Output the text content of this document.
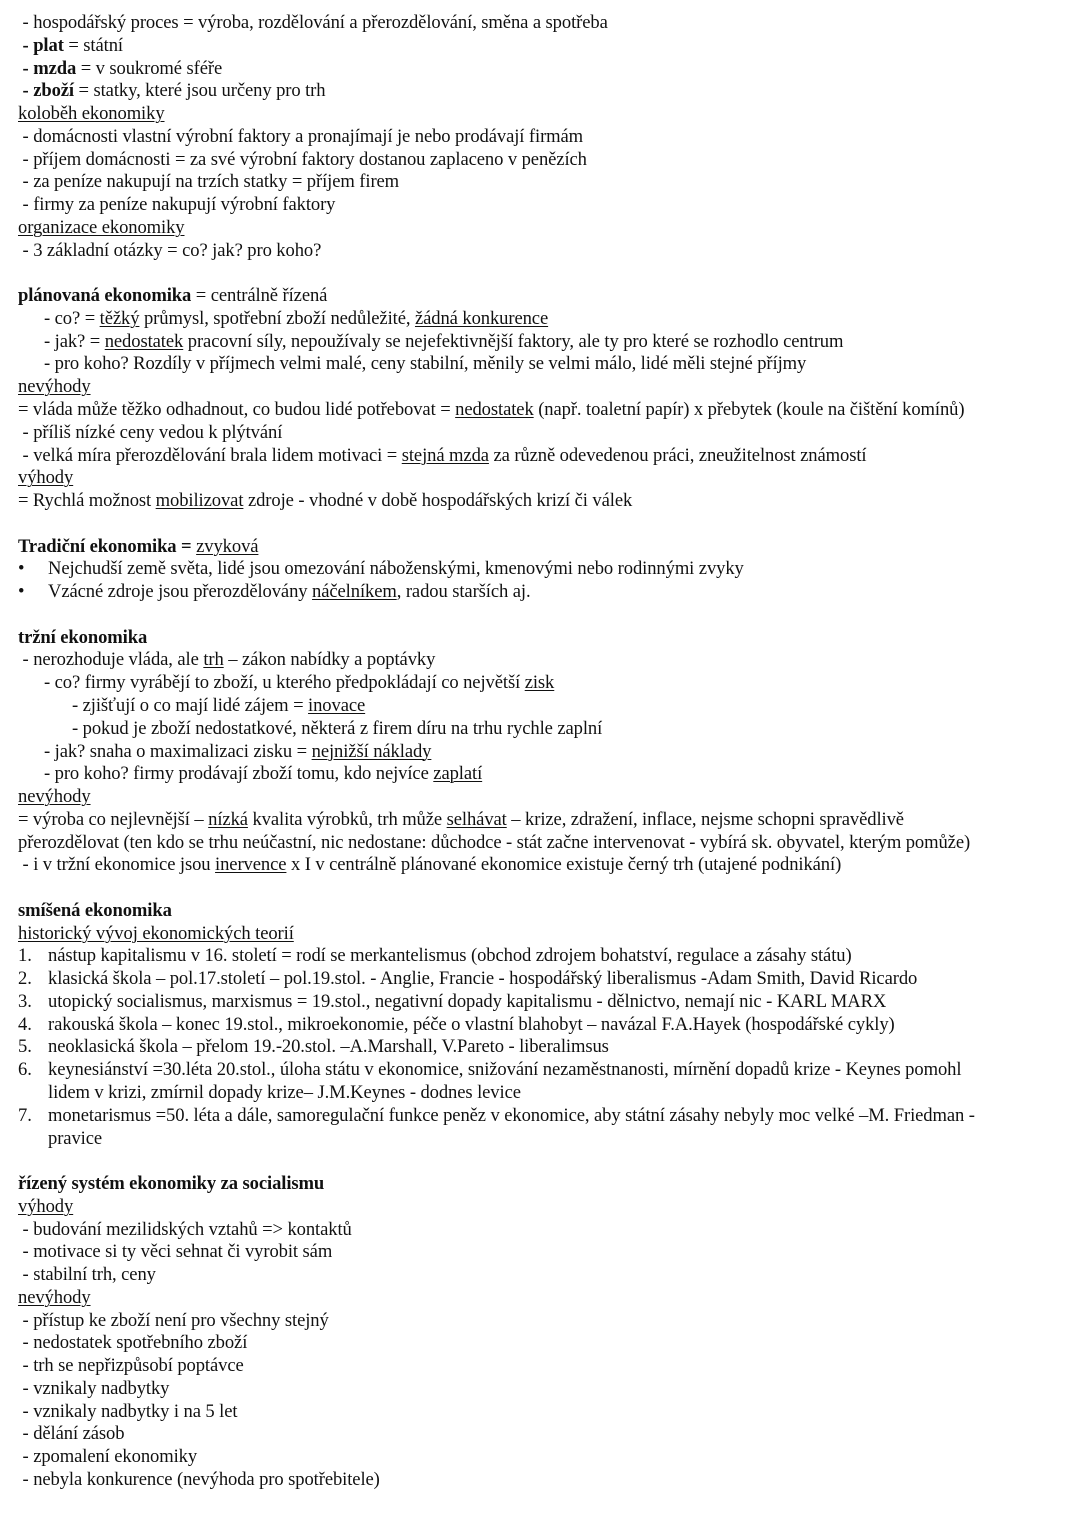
- hospodářský proces = výroba, rozdělování a přerozdělování, směna a spotřeba
- plat = státní
- mzda = v soukromé sféře
- zboží = statky, které jsou určeny pro trh
koloběh ekonomiky
- domácnosti vlastní výrobní faktory a pronajímají je nebo prodávají firmám
- příjem domácnosti = za své výrobní faktory dostanou zaplaceno v penězích
- za peníze nakupují na trzích statky = příjem firem
- firmy za peníze nakupují výrobní faktory
organizace ekonomiky
- 3 základní otázky = co? jak? pro koho?
plánovaná ekonomika = centrálně řízená
- co? = těžký průmysl, spotřební zboží nedůležité, žádná konkurence
- jak? = nedostatek pracovní síly, nepoužívaly se nejefektivnější faktory, ale ty pro které se rozhodlo centrum
- pro koho? Rozdíly v příjmech velmi malé, ceny stabilní, měnily se velmi málo, lidé měli stejné příjmy
nevýhody
= vláda může těžko odhadnout, co budou lidé potřebovat = nedostatek (např. toaletní papír) x přebytek (koule na čištění komínů)
- příliš nízké ceny vedou k plýtvání
- velká míra přerozdělování brala lidem motivaci = stejná mzda za různě odevedenou práci, zneužitelnost známostí
výhody
= Rychlá možnost mobilizovat zdroje - vhodné v době hospodářských krizí či válek
Tradiční ekonomika = zvyková
• Nejchudší země světa, lidé jsou omezování náboženskými, kmenovými nebo rodinnými zvyky
• Vzácné zdroje jsou přerozdělovány náčelníkem, radou starších aj.
tržní ekonomika
- nerozhoduje vláda, ale trh – zákon nabídky a poptávky
- co? firmy vyrábějí to zboží, u kterého předpokládají co největší zisk
- zjišťují o co mají lidé zájem = inovace
- pokud je zboží nedostatkové, některá z firem díru na trhu rychle zaplní
- jak? snaha o maximalizaci zisku = nejnižší náklady
- pro koho? firmy prodávají zboží tomu, kdo nejvíce zaplatí
nevýhody
= výroba co nejlevnější – nízká kvalita výrobků, trh může selhávat – krize, zdražení, inflace, nejsme schopni spravědlivě
přerozdělovat (ten kdo se trhu neúčastní, nic nedostane: důchodce - stát začne intervenovat - vybírá sk. obyvatel, kterým pomůže)
- i v tržní ekonomice jsou inervence x I v centrálně plánované ekonomice existuje černý trh (utajené podnikání)
smíšená ekonomika
historický vývoj ekonomických teorií
1. nástup kapitalismu v 16. století = rodí se merkantelismus (obchod zdrojem bohatství, regulace a zásahy státu)
2. klasická škola – pol.17.století – pol.19.stol. - Anglie, Francie - hospodářský liberalismus -Adam Smith, David Ricardo
3. utopický socialismus, marxismus = 19.stol., negativní dopady kapitalismu - dělnictvo, nemají nic - KARL MARX
4. rakouská škola – konec 19.stol., mikroekonomie, péče o vlastní blahobyt – navázal F.A.Hayek (hospodářské cykly)
5. neoklasická škola – přelom 19.-20.stol. –A.Marshall, V.Pareto - liberalimsus
6. keynesiánství =30.léta 20.stol., úloha státu v ekonomice, snižování nezaměstnanosti, mírnění dopadů krize - Keynes pomohl
lidem v krizi, zmírnil dopady krize– J.M.Keynes - dodnes levice
7. monetarismus =50. léta a dále, samoregulační funkce peněz v ekonomice, aby státní zásahy nebyly moc velké –M. Friedman -
pravice
řízený systém ekonomiky za socialismu
výhody
- budování mezilidských vztahů => kontaktů
- motivace si ty věci sehnat či vyrobit sám
- stabilní trh, ceny
nevýhody
- přístup ke zboží není pro všechny stejný
- nedostatek spotřebního zboží
- trh se nepřizpůsobí poptávce
- vznikaly nadbytky
- vznikaly nadbytky i na 5 let
- dělání zásob
- zpomalení ekonomiky
- nebyla konkurence (nevýhoda pro spotřebitele)
